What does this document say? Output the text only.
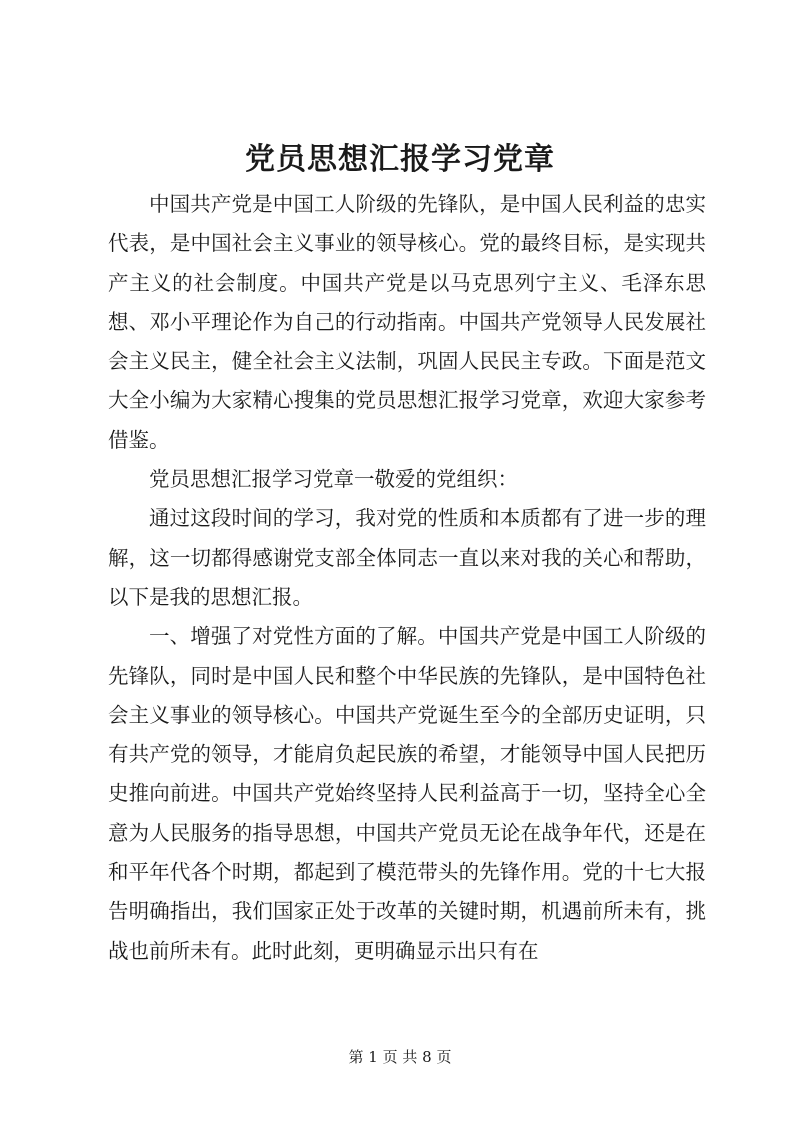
党员思想汇报学习党章

中国共产党是中国工人阶级的先锋队，是中国人民利益的忠实代表，是中国社会主义事业的领导核心。党的最终目标，是实现共产主义的社会制度。中国共产党是以马克思列宁主义、毛泽东思想、邓小平理论作为自己的行动指南。中国共产党领导人民发展社会主义民主，健全社会主义法制，巩固人民民主专政。下面是范文大全小编为大家精心搜集的党员思想汇报学习党章，欢迎大家参考借鉴。

党员思想汇报学习党章一敬爱的党组织：

通过这段时间的学习，我对党的性质和本质都有了进一步的理解，这一切都得感谢党支部全体同志一直以来对我的关心和帮助，以下是我的思想汇报。

一、增强了对党性方面的了解。中国共产党是中国工人阶级的先锋队，同时是中国人民和整个中华民族的先锋队，是中国特色社会主义事业的领导核心。中国共产党诞生至今的全部历史证明，只有共产党的领导，才能肩负起民族的希望，才能领导中国人民把历史推向前进。中国共产党始终坚持人民利益高于一切，坚持全心全意为人民服务的指导思想，中国共产党员无论在战争年代，还是在和平年代各个时期，都起到了模范带头的先锋作用。党的十七大报告明确指出，我们国家正处于改革的关键时期，机遇前所未有，挑战也前所未有。此时此刻，更明确显示出只有在

第 1 页 共 8 页
